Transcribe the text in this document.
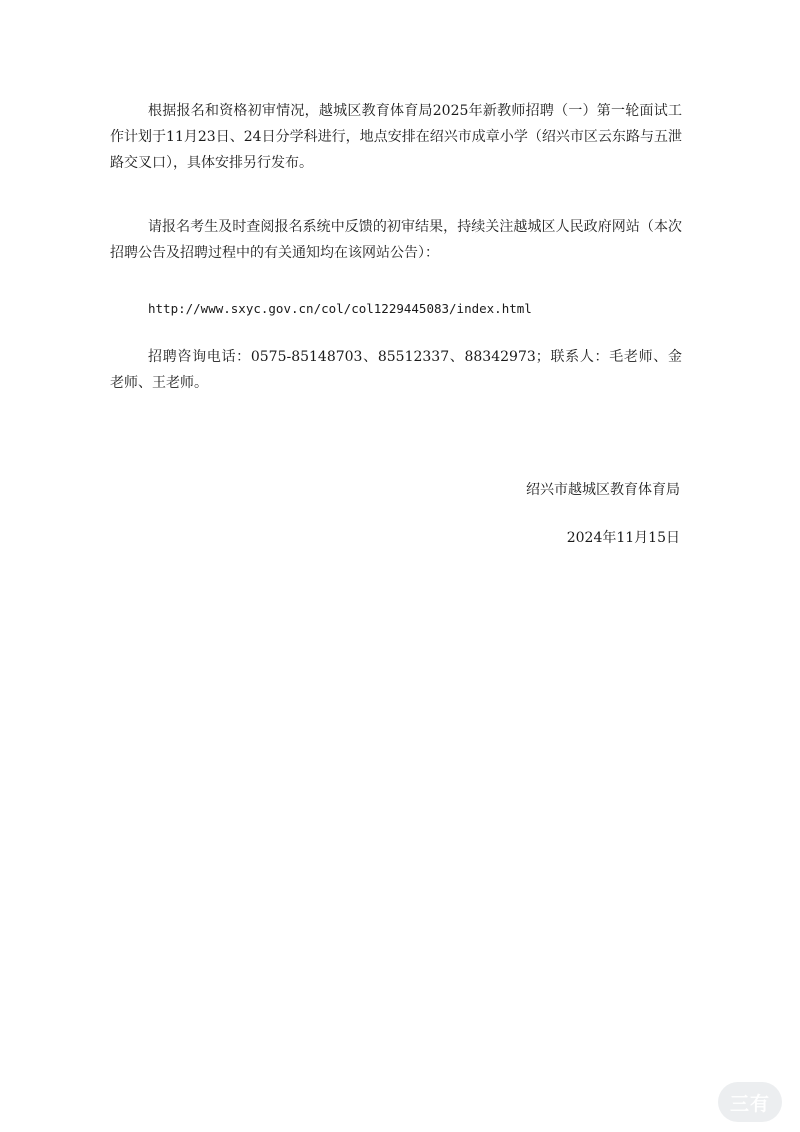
根据报名和资格初审情况，越城区教育体育局2025年新教师招聘（一）第一轮面试工作计划于11月23日、24日分学科进行，地点安排在绍兴市成章小学（绍兴市区云东路与五泄路交叉口），具体安排另行发布。

请报名考生及时查阅报名系统中反馈的初审结果，持续关注越城区人民政府网站（本次招聘公告及招聘过程中的有关通知均在该网站公告）：

http://www.sxyc.gov.cn/col/col1229445083/index.html

招聘咨询电话：0575-85148703、85512337、88342973；联系人：毛老师、金老师、王老师。

绍兴市越城区教育体育局

2024年11月15日

三有
